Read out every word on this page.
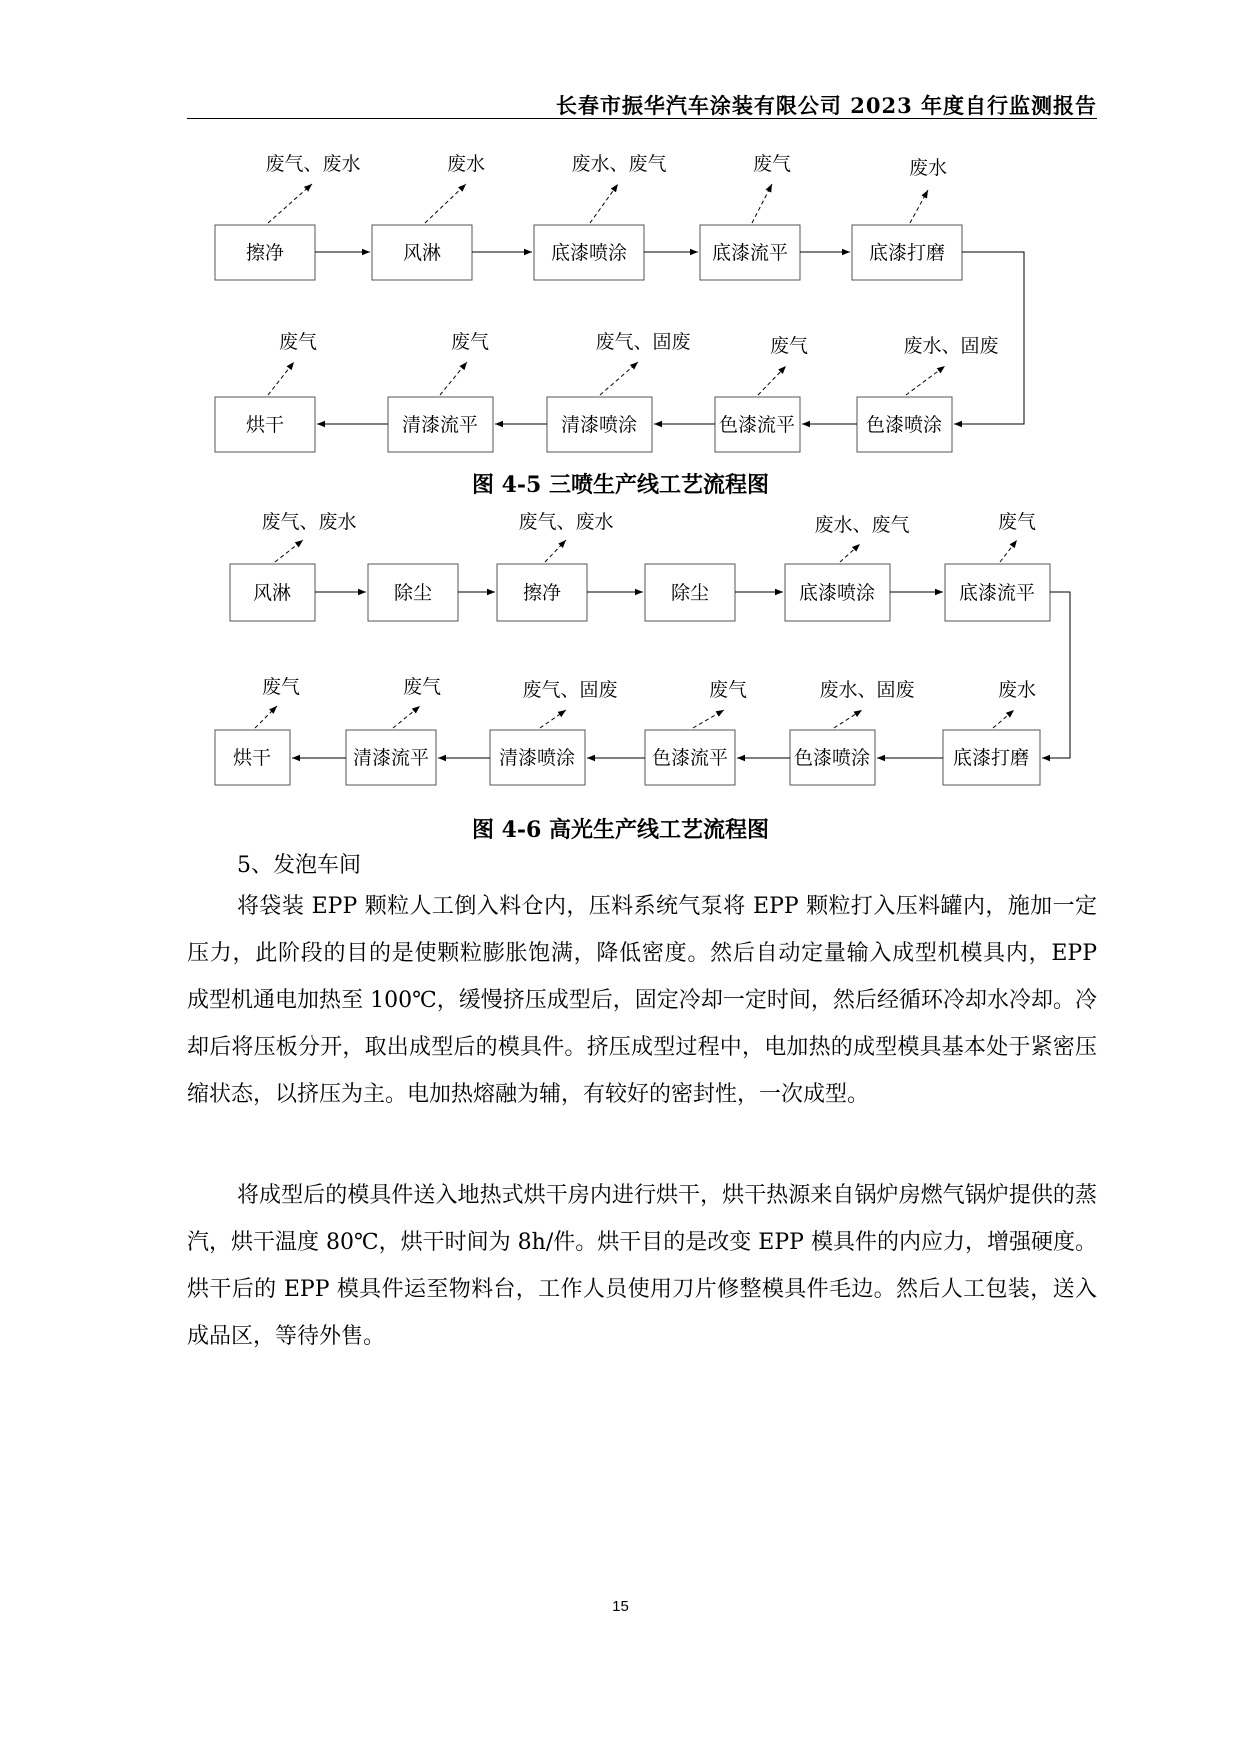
长春市振华汽车涂装有限公司 2023 年度自行监测报告
擦净	风淋	底漆喷涂	底漆流平	底漆打磨
废气、废水	废水	废水、废气	废气	废水
烘干	清漆流平	清漆喷涂	色漆流平	色漆喷涂
废气	废气	废气、固废	废气	废水、固废
图 4-5 三喷生产线工艺流程图
风淋	除尘	擦净	除尘	底漆喷涂	底漆流平
废气、废水	废气、废水	废水、废气	废气
烘干	清漆流平	清漆喷涂	色漆流平	色漆喷涂	底漆打磨
废气	废气	废气、固废	废气	废水、固废	废水
图 4-6 高光生产线工艺流程图
5、发泡车间

将袋装 EPP 颗粒人工倒入料仓内，压料系统气泵将 EPP 颗粒打入压料罐内，施加一定压力，此阶段的目的是使颗粒膨胀饱满，降低密度。然后自动定量输入成型机模具内，EPP 成型机通电加热至 100℃，缓慢挤压成型后，固定冷却一定时间，然后经循环冷却水冷却。冷却后将压板分开，取出成型后的模具件。挤压成型过程中，电加热的成型模具基本处于紧密压缩状态，以挤压为主。电加热熔融为辅，有较好的密封性，一次成型。

将成型后的模具件送入地热式烘干房内进行烘干，烘干热源来自锅炉房燃气锅炉提供的蒸汽，烘干温度 80℃，烘干时间为 8h/件。烘干目的是改变 EPP 模具件的内应力，增强硬度。烘干后的 EPP 模具件运至物料台，工作人员使用刀片修整模具件毛边。然后人工包装，送入成品区，等待外售。

15
